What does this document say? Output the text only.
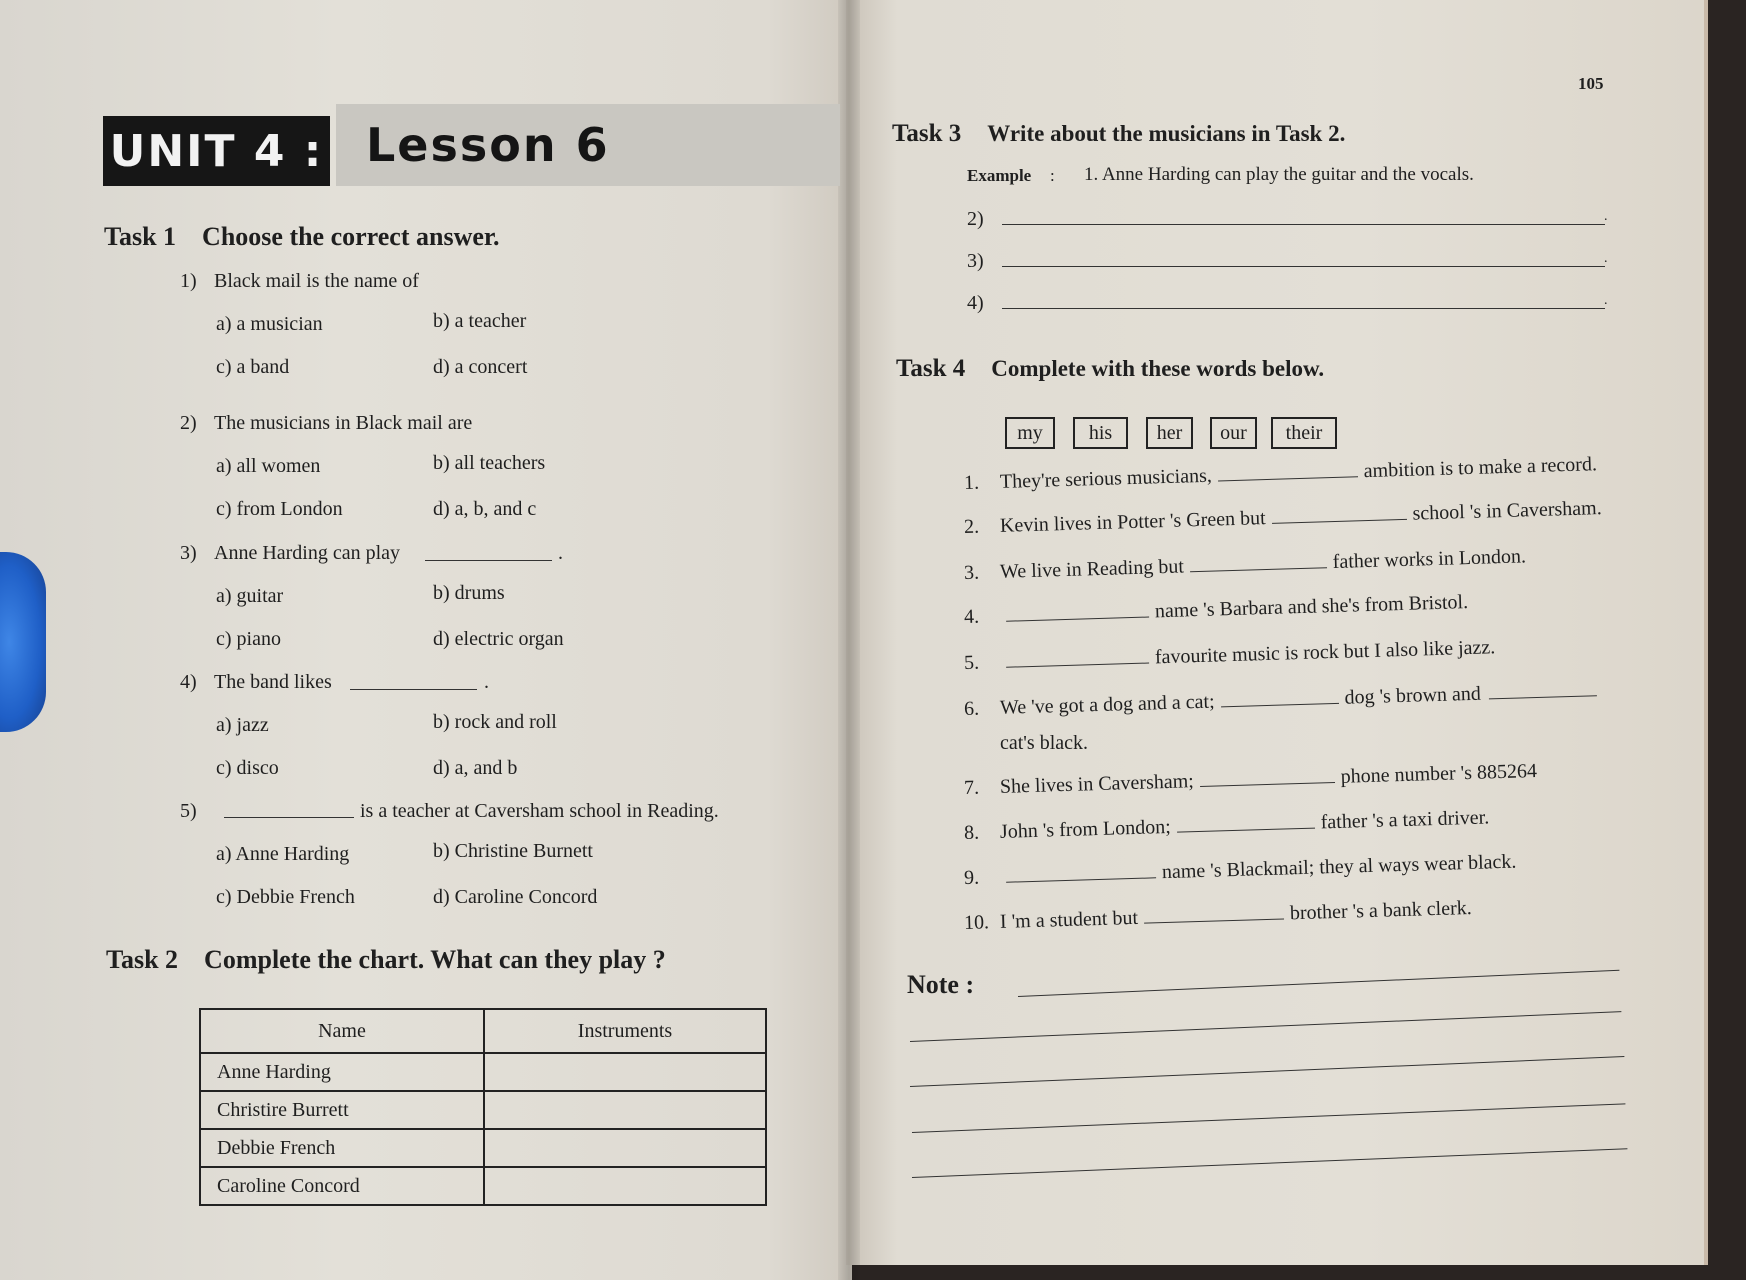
UNIT 4 : Lesson 6
Task 1 Choose the correct answer.
1) Black mail is the name of
a) a musician	b) a teacher
c) a band	d) a concert
2) The musicians in Black mail are
a) all women	b) all teachers
c) from London	d) a, b, and c
3) Anne Harding can play	.
a) guitar	b) drums
c) piano	d) electric organ
4) The band likes	.
a) jazz	b) rock and roll
c) disco	d) a, and b
5)	is a teacher at Caversham school in Reading.
a) Anne Harding	b) Christine Burnett
c) Debbie French	d) Caroline Concord
Task 2 Complete the chart. What can they play ?
Name	Instruments
Anne Harding	
Christire Burrett	
Debbie French	
Caroline Concord	
105
Task 3 Write about the musicians in Task 2.
Example : 1. Anne Harding can play the guitar and the vocals.
2)	.
3)	.
4)	.
Task 4 Complete with these words below.
my	his	her	our	their
1. They're serious musicians,	ambition is to make a record.
2. Kevin lives in Potter 's Green but	school 's in Caversham.
3. We live in Reading but	father works in London.
4.	name 's Barbara and she's from Bristol.
5.	favourite music is rock but I also like jazz.
6. We 've got a dog and a cat;	dog 's brown and
cat's black.
7. She lives in Caversham;	phone number 's 885264
8. John 's from London;	father 's a taxi driver.
9.	name 's Blackmail; they al ways wear black.
10. I 'm a student but	brother 's a bank clerk.
Note :
